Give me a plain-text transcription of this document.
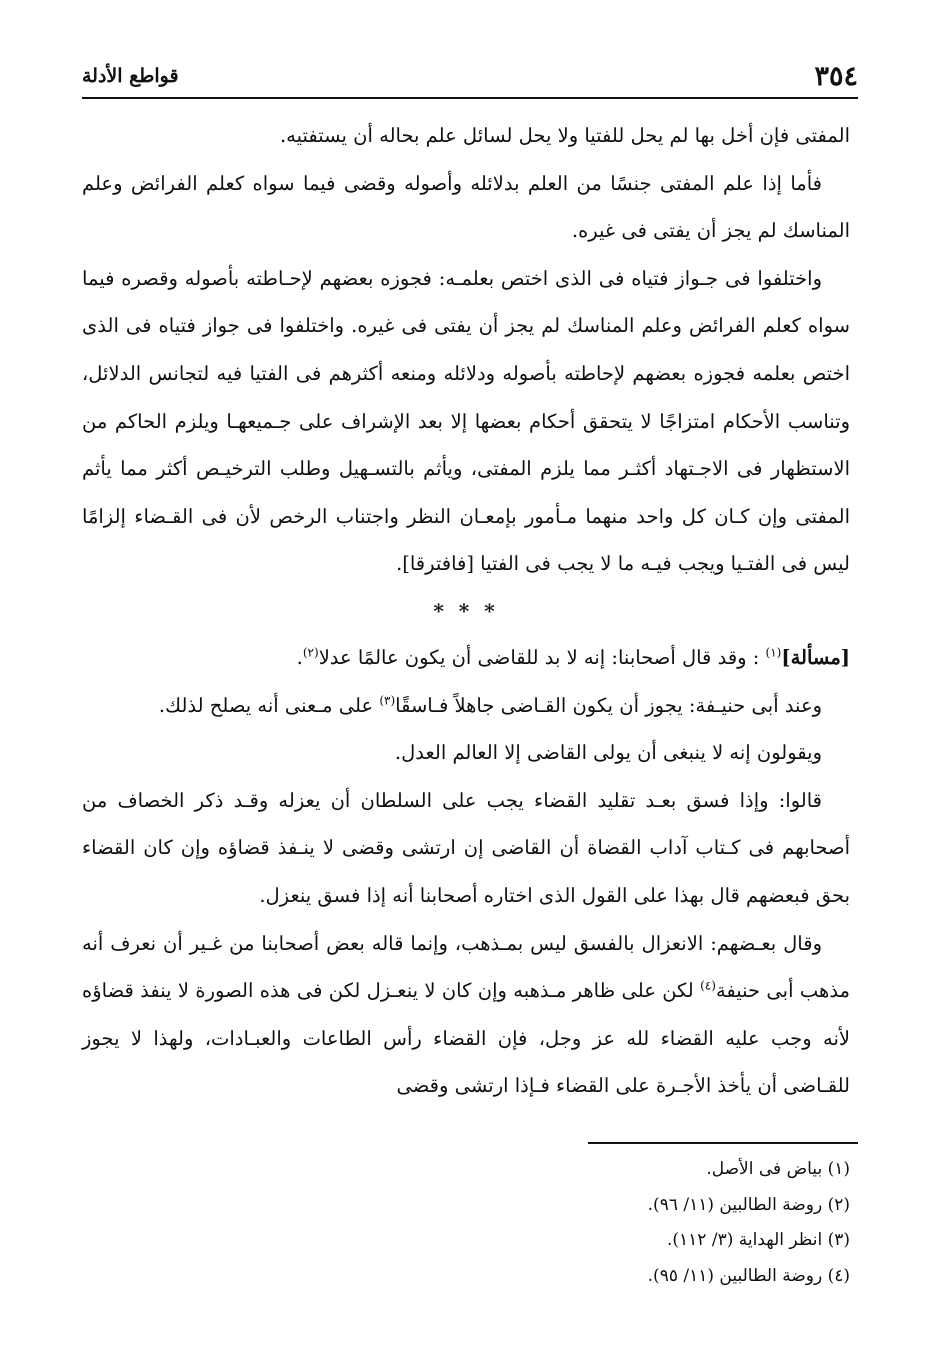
٣٥٤
قواطع الأدلة

المفتى فإن أخل بها لم يحل للفتيا ولا يحل لسائل علم بحاله أن يستفتيه.

فأما إذا علم المفتى جنسًا من العلم بدلائله وأصوله وقضى فيما سواه كعلم الفرائض وعلم المناسك لم يجز أن يفتى فى غيره.

واختلفوا فى جـواز فتياه فى الذى اختص بعلمـه: فجوزه بعضهم لإحـاطته بأصوله وقصره فيما سواه كعلم الفرائض وعلم المناسك لم يجز أن يفتى فى غيره. واختلفوا فى جواز فتياه فى الذى اختص بعلمه فجوزه بعضهم لإحاطته بأصوله ودلائله ومنعه أكثرهم فى الفتيا فيه لتجانس الدلائل، وتناسب الأحكام امتزاجًا لا يتحقق أحكام بعضها إلا بعد الإشراف على جـميعهـا ويلزم الحاكم من الاستظهار فى الاجـتهاد أكثـر مما يلزم المفتى، ويأثم بالتسـهيل وطلب الترخيـص أكثر مما يأثم المفتى وإن كـان كل واحد منهما مـأمور بإمعـان النظر واجتناب الرخص لأن فى القـضاء إلزامًا ليس فى الفتـيا ويجب فيـه ما لا يجب فى الفتيا [فافترقا].

* * *

[مسألة]$^{(١)}$ : وقد قال أصحابنا: إنه لا بد للقاضى أن يكون عالمًا عدلا$^{(٢)}$.

وعند أبى حنيـفة: يجوز أن يكون القـاضى جاهلاً فـاسقًا$^{(٣)}$ على مـعنى أنه يصلح لذلك.

ويقولون إنه لا ينبغى أن يولى القاضى إلا العالم العدل.

قالوا: وإذا فسق بعـد تقليد القضاء يجب على السلطان أن يعزله وقـد ذكر الخصاف من أصحابهم فى كـتاب آداب القضاة أن القاضى إن ارتشى وقضى لا ينـفذ قضاؤه وإن كان القضاء بحق فبعضهم قال بهذا على القول الذى اختاره أصحابنا أنه إذا فسق ينعزل.

وقال بعـضهم: الانعزال بالفسق ليس بمـذهب، وإنما قاله بعض أصحابنا من غـير أن نعرف أنه مذهب أبى حنيفة$^{(٤)}$ لكن على ظاهر مـذهبه وإن كان لا ينعـزل لكن فى هذه الصورة لا ينفذ قضاؤه لأنه وجب عليه القضاء لله عز وجل، فإن القضاء رأس الطاعات والعبـادات، ولهذا لا يجوز للقـاضى أن يأخذ الأجـرة على القضاء فـإذا ارتشى وقضى

(١) بياض فى الأصل.

(٢) روضة الطالبين (١١/ ٩٦).

(٣) انظر الهداية (٣/ ١١٢).

(٤) روضة الطالبين (١١/ ٩٥).
